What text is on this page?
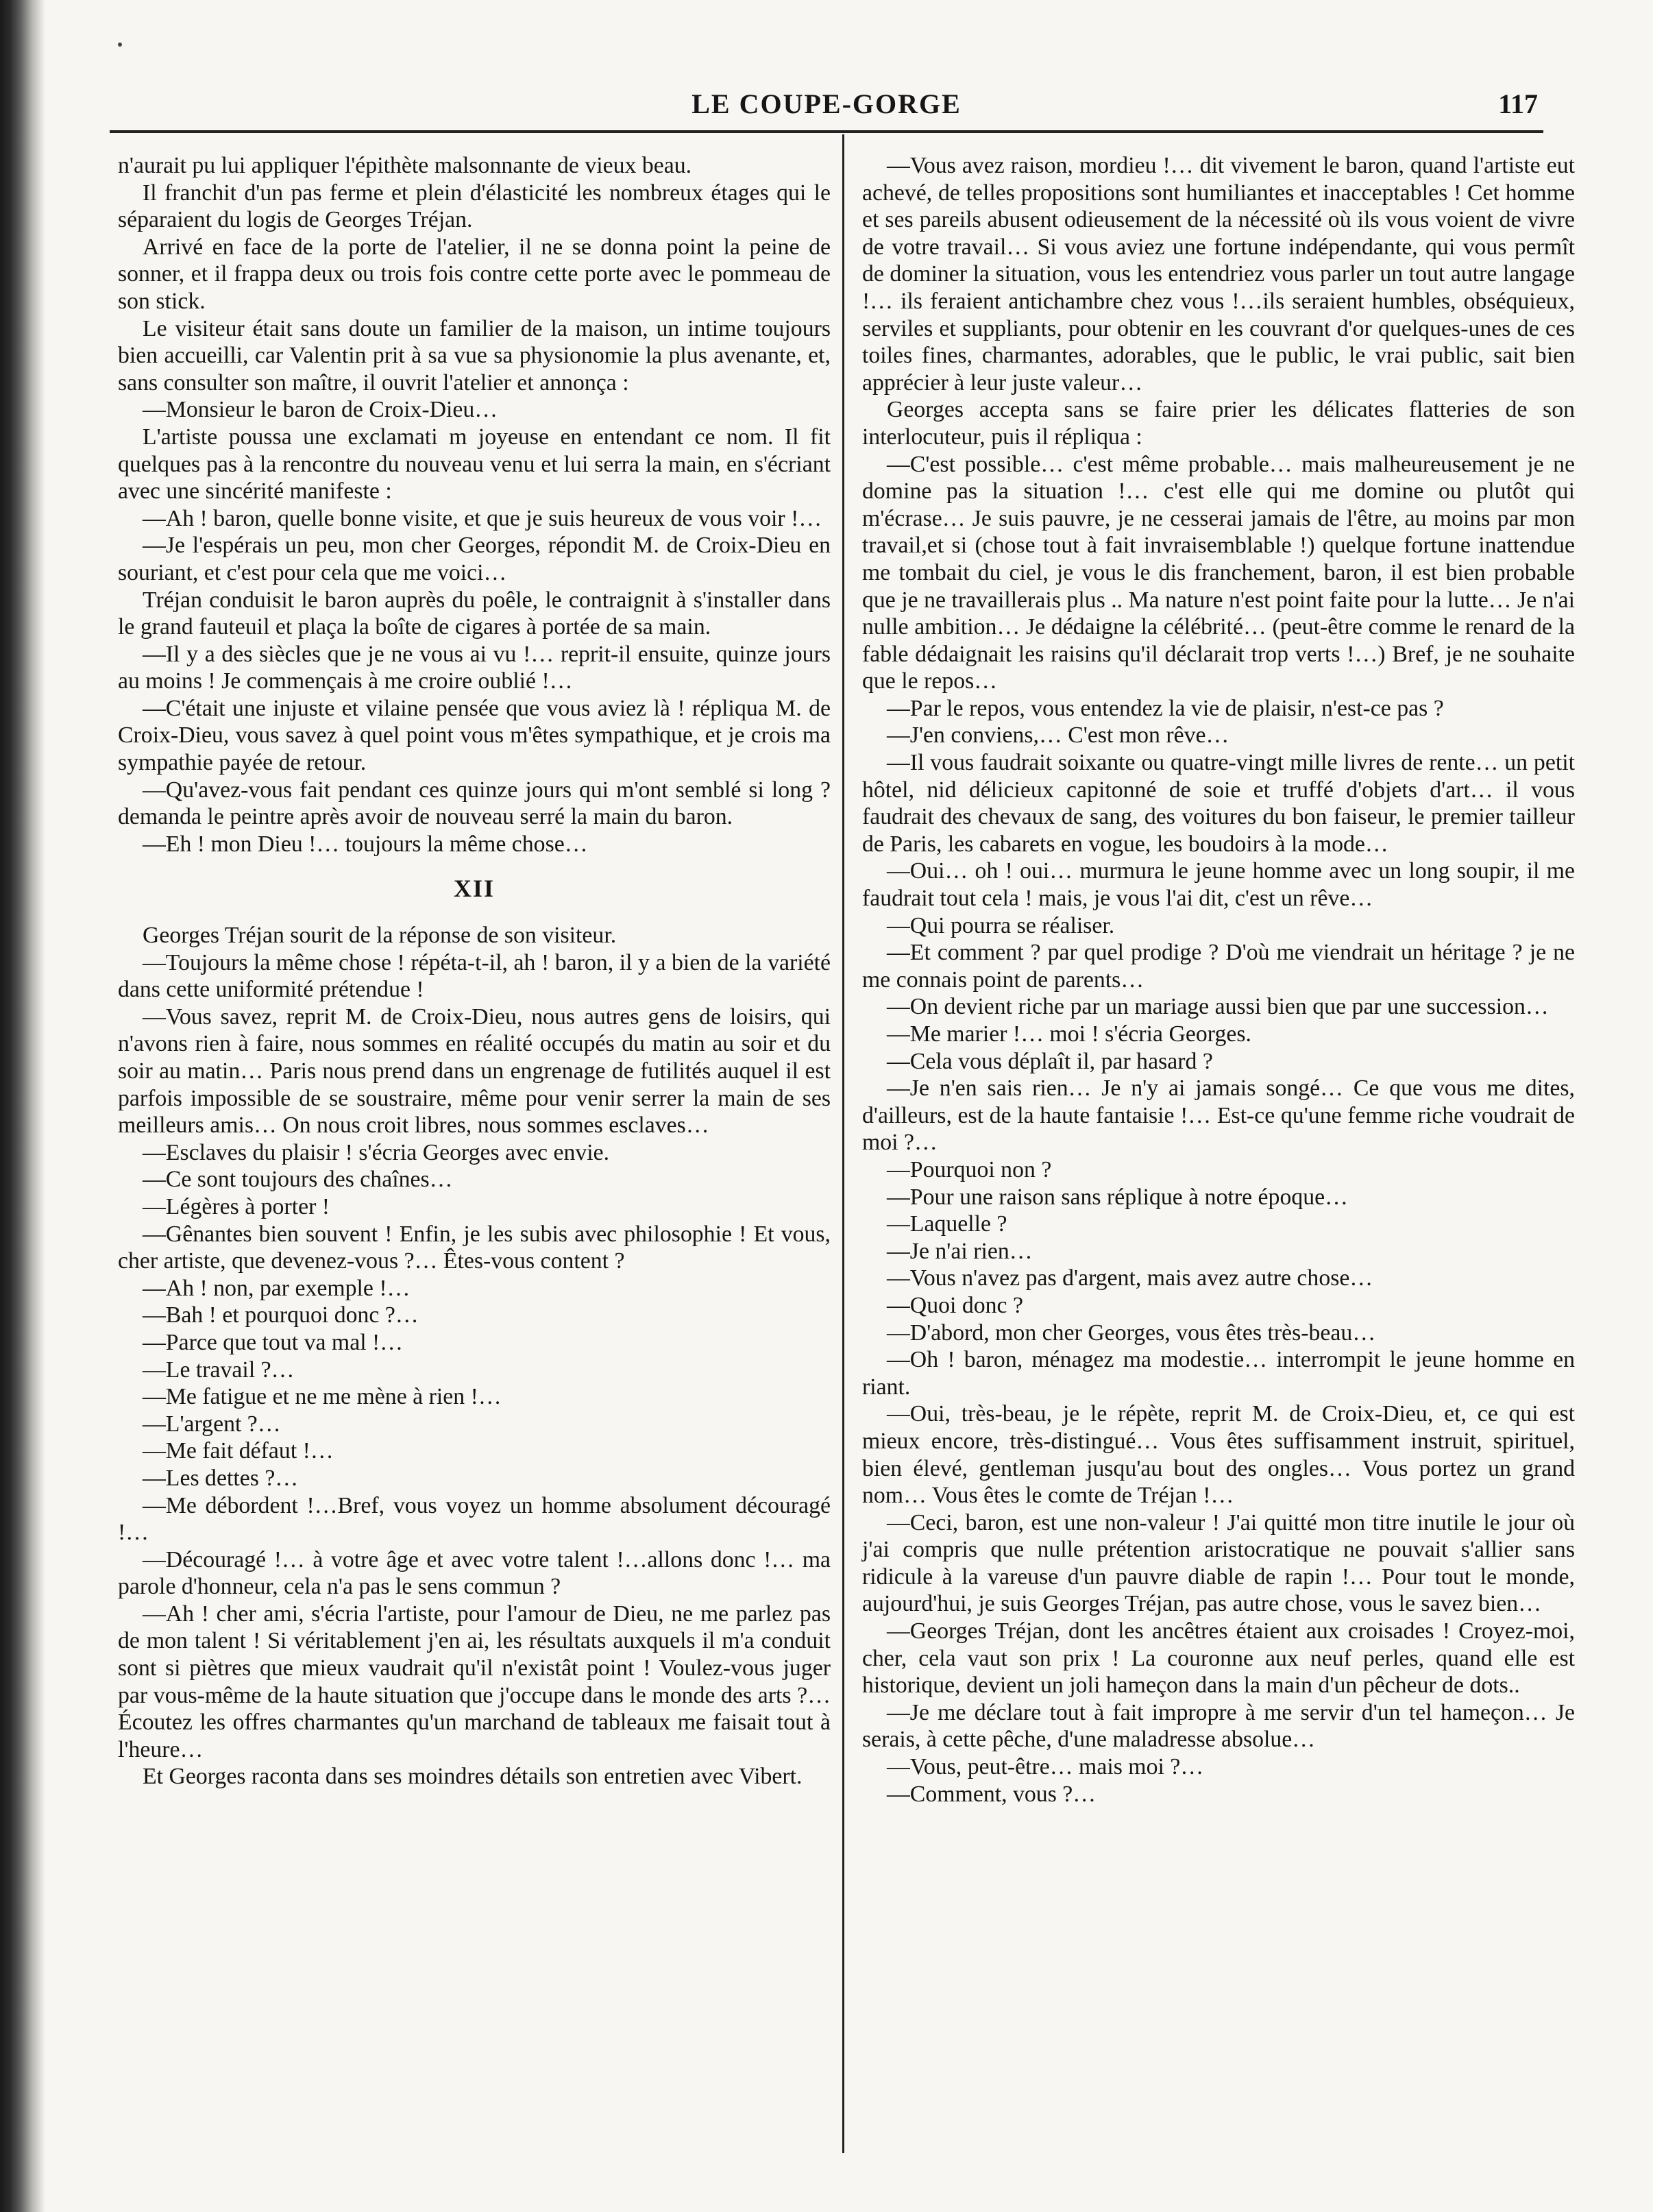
LE COUPE-GORGE	117

n'aurait pu lui appliquer l'épithète malsonnante de vieux beau.

Il franchit d'un pas ferme et plein d'élasticité les nombreux étages qui le séparaient du logis de Georges Tréjan.

Arrivé en face de la porte de l'atelier, il ne se donna point la peine de sonner, et il frappa deux ou trois fois contre cette porte avec le pommeau de son stick.

Le visiteur était sans doute un familier de la maison, un intime toujours bien accueilli, car Valentin prit à sa vue sa physionomie la plus avenante, et, sans consulter son maître, il ouvrit l'atelier et annonça :

—Monsieur le baron de Croix-Dieu…

L'artiste poussa une exclamati m joyeuse en entendant ce nom. Il fit quelques pas à la rencontre du nouveau venu et lui serra la main, en s'écriant avec une sincérité manifeste :

—Ah ! baron, quelle bonne visite, et que je suis heureux de vous voir !…

—Je l'espérais un peu, mon cher Georges, répondit M. de Croix-Dieu en souriant, et c'est pour cela que me voici…

Tréjan conduisit le baron auprès du poêle, le contraignit à s'installer dans le grand fauteuil et plaça la boîte de cigares à portée de sa main.

—Il y a des siècles que je ne vous ai vu !… reprit-il ensuite, quinze jours au moins ! Je commençais à me croire oublié !…

—C'était une injuste et vilaine pensée que vous aviez là ! répliqua M. de Croix-Dieu, vous savez à quel point vous m'êtes sympathique, et je crois ma sympathie payée de retour.

—Qu'avez-vous fait pendant ces quinze jours qui m'ont semblé si long ? demanda le peintre après avoir de nouveau serré la main du baron.

—Eh ! mon Dieu !… toujours la même chose…

XII

Georges Tréjan sourit de la réponse de son visiteur.

—Toujours la même chose ! répéta-t-il, ah ! baron, il y a bien de la variété dans cette uniformité prétendue !

—Vous savez, reprit M. de Croix-Dieu, nous autres gens de loisirs, qui n'avons rien à faire, nous sommes en réalité occupés du matin au soir et du soir au matin… Paris nous prend dans un engrenage de futilités auquel il est parfois impossible de se soustraire, même pour venir serrer la main de ses meilleurs amis… On nous croit libres, nous sommes esclaves…

—Esclaves du plaisir ! s'écria Georges avec envie.

—Ce sont toujours des chaînes…

—Légères à porter !

—Gênantes bien souvent ! Enfin, je les subis avec philosophie ! Et vous, cher artiste, que devenez-vous ?… Êtes-vous content ?

—Ah ! non, par exemple !…

—Bah ! et pourquoi donc ?…

—Parce que tout va mal !…

—Le travail ?…

—Me fatigue et ne me mène à rien !…

—L'argent ?…

—Me fait défaut !…

—Les dettes ?…

—Me débordent !…Bref, vous voyez un homme absolument découragé !…

—Découragé !… à votre âge et avec votre talent !…allons donc !… ma parole d'honneur, cela n'a pas le sens commun ?

—Ah ! cher ami, s'écria l'artiste, pour l'amour de Dieu, ne me parlez pas de mon talent ! Si véritablement j'en ai, les résultats auxquels il m'a conduit sont si piètres que mieux vaudrait qu'il n'existât point ! Voulez-vous juger par vous-même de la haute situation que j'occupe dans le monde des arts ?… Écoutez les offres charmantes qu'un marchand de tableaux me faisait tout à l'heure…

Et Georges raconta dans ses moindres détails son entretien avec Vibert.

—Vous avez raison, mordieu !… dit vivement le baron, quand l'artiste eut achevé, de telles propositions sont humiliantes et inacceptables ! Cet homme et ses pareils abusent odieusement de la nécessité où ils vous voient de vivre de votre travail… Si vous aviez une fortune indépendante, qui vous permît de dominer la situation, vous les entendriez vous parler un tout autre langage !… ils feraient antichambre chez vous !…ils seraient humbles, obséquieux, serviles et suppliants, pour obtenir en les couvrant d'or quelques-unes de ces toiles fines, charmantes, adorables, que le public, le vrai public, sait bien apprécier à leur juste valeur…

Georges accepta sans se faire prier les délicates flatteries de son interlocuteur, puis il répliqua :

—C'est possible… c'est même probable… mais malheureusement je ne domine pas la situation !… c'est elle qui me domine ou plutôt qui m'écrase… Je suis pauvre, je ne cesserai jamais de l'être, au moins par mon travail,et si (chose tout à fait invraisemblable !) quelque fortune inattendue me tombait du ciel, je vous le dis franchement, baron, il est bien probable que je ne travaillerais plus .. Ma nature n'est point faite pour la lutte… Je n'ai nulle ambition… Je dédaigne la célébrité… (peut-être comme le renard de la fable dédaignait les raisins qu'il déclarait trop verts !…) Bref, je ne souhaite que le repos…

—Par le repos, vous entendez la vie de plaisir, n'est-ce pas ?

—J'en conviens,… C'est mon rêve…

—Il vous faudrait soixante ou quatre-vingt mille livres de rente… un petit hôtel, nid délicieux capitonné de soie et truffé d'objets d'art… il vous faudrait des chevaux de sang, des voitures du bon faiseur, le premier tailleur de Paris, les cabarets en vogue, les boudoirs à la mode…

—Oui… oh ! oui… murmura le jeune homme avec un long soupir, il me faudrait tout cela ! mais, je vous l'ai dit, c'est un rêve…

—Qui pourra se réaliser.

—Et comment ? par quel prodige ? D'où me viendrait un héritage ? je ne me connais point de parents…

—On devient riche par un mariage aussi bien que par une succession…

—Me marier !… moi ! s'écria Georges.

—Cela vous déplaît il, par hasard ?

—Je n'en sais rien… Je n'y ai jamais songé… Ce que vous me dites, d'ailleurs, est de la haute fantaisie !… Est-ce qu'une femme riche voudrait de moi ?…

—Pourquoi non ?

—Pour une raison sans réplique à notre époque…

—Laquelle ?

—Je n'ai rien…

—Vous n'avez pas d'argent, mais avez autre chose…

—Quoi donc ?

—D'abord, mon cher Georges, vous êtes très-beau…

—Oh ! baron, ménagez ma modestie… interrompit le jeune homme en riant.

—Oui, très-beau, je le répète, reprit M. de Croix-Dieu, et, ce qui est mieux encore, très-distingué… Vous êtes suffisamment instruit, spirituel, bien élevé, gentleman jusqu'au bout des ongles… Vous portez un grand nom… Vous êtes le comte de Tréjan !…

—Ceci, baron, est une non-valeur ! J'ai quitté mon titre inutile le jour où j'ai compris que nulle prétention aristocratique ne pouvait s'allier sans ridicule à la vareuse d'un pauvre diable de rapin !… Pour tout le monde, aujourd'hui, je suis Georges Tréjan, pas autre chose, vous le savez bien…

—Georges Tréjan, dont les ancêtres étaient aux croisades ! Croyez-moi, cher, cela vaut son prix ! La couronne aux neuf perles, quand elle est historique, devient un joli hameçon dans la main d'un pêcheur de dots..

—Je me déclare tout à fait impropre à me servir d'un tel hameçon… Je serais, à cette pêche, d'une maladresse absolue…

—Vous, peut-être… mais moi ?…

—Comment, vous ?…
